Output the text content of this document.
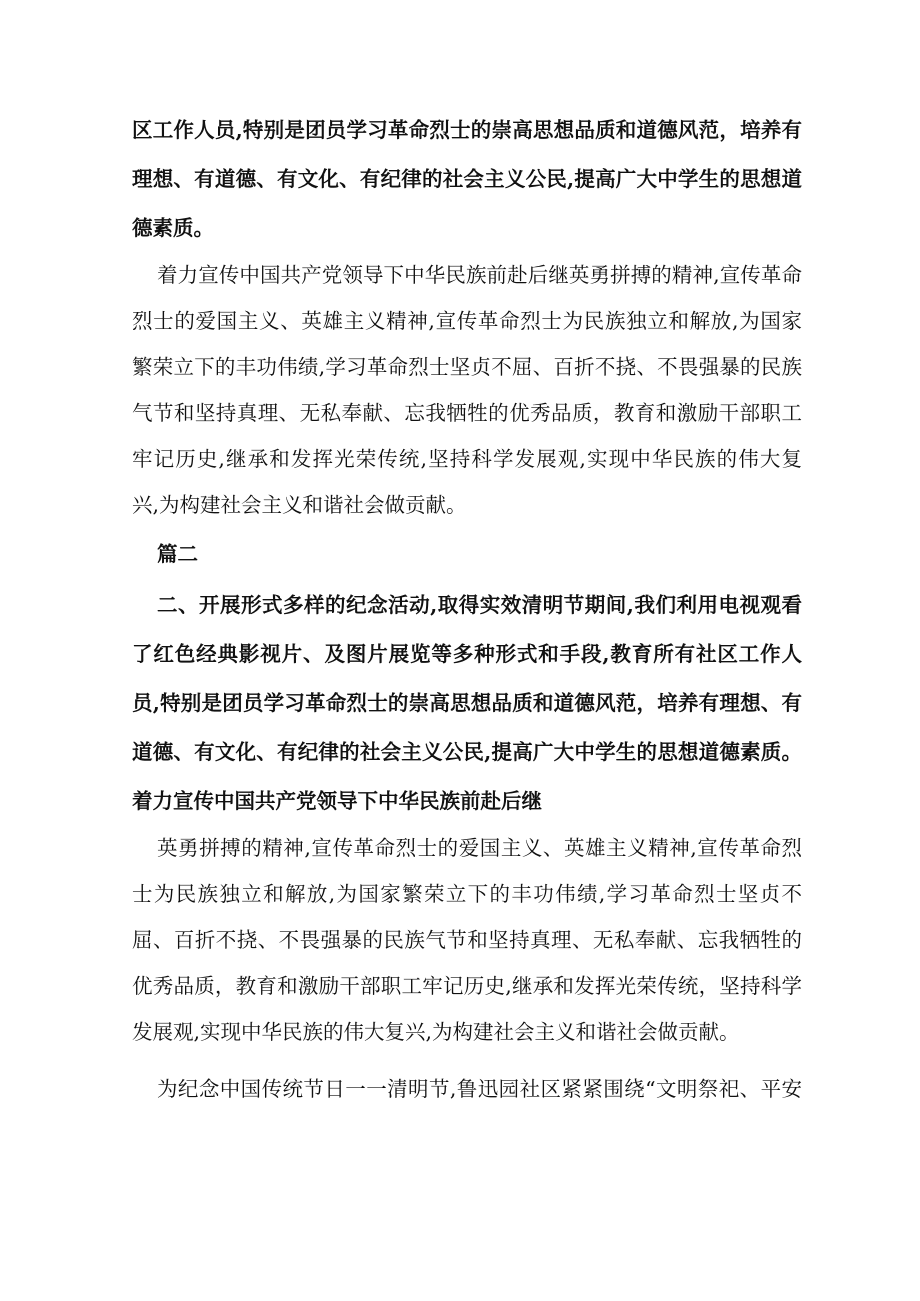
区工作人员,特别是团员学习革命烈士的崇高思想品质和道德风范，培养有
理想、有道德、有文化、有纪律的社会主义公民,提高广大中学生的思想道
德素质。
着力宣传中国共产党领导下中华民族前赴后继英勇拼搏的精神,宣传革命
烈士的爱国主义、英雄主义精神,宣传革命烈士为民族独立和解放,为国家
繁荣立下的丰功伟绩,学习革命烈士坚贞不屈、百折不挠、不畏强暴的民族
气节和坚持真理、无私奉献、忘我牺牲的优秀品质，教育和激励干部职工
牢记历史,继承和发挥光荣传统,坚持科学发展观,实现中华民族的伟大复
兴,为构建社会主义和谐社会做贡献。
篇二
二、开展形式多样的纪念活动,取得实效清明节期间,我们利用电视观看
了红色经典影视片、及图片展览等多种形式和手段,教育所有社区工作人
员,特别是团员学习革命烈士的崇高思想品质和道德风范，培养有理想、有
道德、有文化、有纪律的社会主义公民,提高广大中学生的思想道德素质。
着力宣传中国共产党领导下中华民族前赴后继
英勇拼搏的精神,宣传革命烈士的爱国主义、英雄主义精神,宣传革命烈
士为民族独立和解放,为国家繁荣立下的丰功伟绩,学习革命烈士坚贞不
屈、百折不挠、不畏强暴的民族气节和坚持真理、无私奉献、忘我牺牲的
优秀品质，教育和激励干部职工牢记历史,继承和发挥光荣传统，坚持科学
发展观,实现中华民族的伟大复兴,为构建社会主义和谐社会做贡献。
为纪念中国传统节日一一清明节,鲁迅园社区紧紧围绕“文明祭祀、平安
